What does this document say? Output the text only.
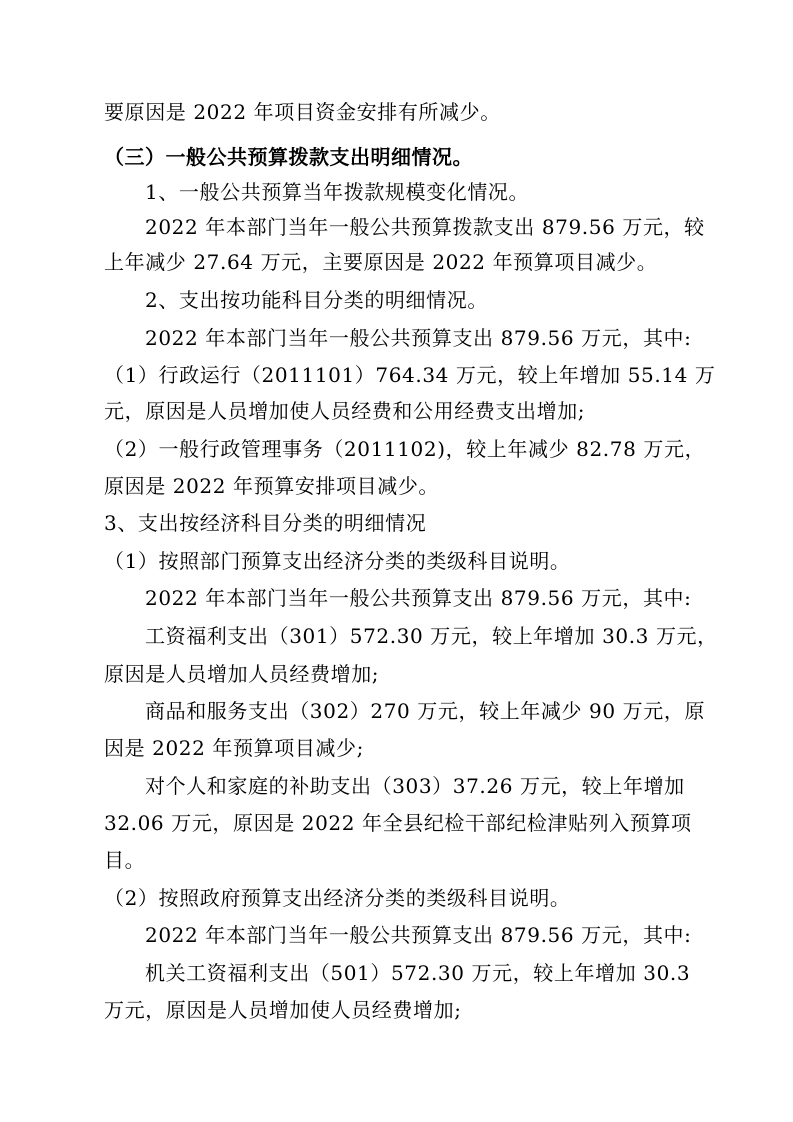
要原因是 2022 年项目资金安排有所减少。
（三）一般公共预算拨款支出明细情况。
1、一般公共预算当年拨款规模变化情况。
2022 年本部门当年一般公共预算拨款支出 879.56 万元，较
上年减少 27.64 万元，主要原因是 2022 年预算项目减少。
2、支出按功能科目分类的明细情况。
2022 年本部门当年一般公共预算支出 879.56 万元，其中:
（1）行政运行（2011101）764.34 万元，较上年增加 55.14 万
元，原因是人员增加使人员经费和公用经费支出增加;
（2）一般行政管理事务（2011102)，较上年减少 82.78 万元，
原因是 2022 年预算安排项目减少。
3、支出按经济科目分类的明细情况
（1）按照部门预算支出经济分类的类级科目说明。
2022 年本部门当年一般公共预算支出 879.56 万元，其中:
工资福利支出（301）572.30 万元，较上年增加 30.3 万元，
原因是人员增加人员经费增加;
商品和服务支出（302）270 万元，较上年减少 90 万元，原
因是 2022 年预算项目减少;
对个人和家庭的补助支出（303）37.26 万元，较上年增加
32.06 万元，原因是 2022 年全县纪检干部纪检津贴列入预算项
目。
（2）按照政府预算支出经济分类的类级科目说明。
2022 年本部门当年一般公共预算支出 879.56 万元，其中:
机关工资福利支出（501）572.30 万元，较上年增加 30.3
万元，原因是人员增加使人员经费增加;
